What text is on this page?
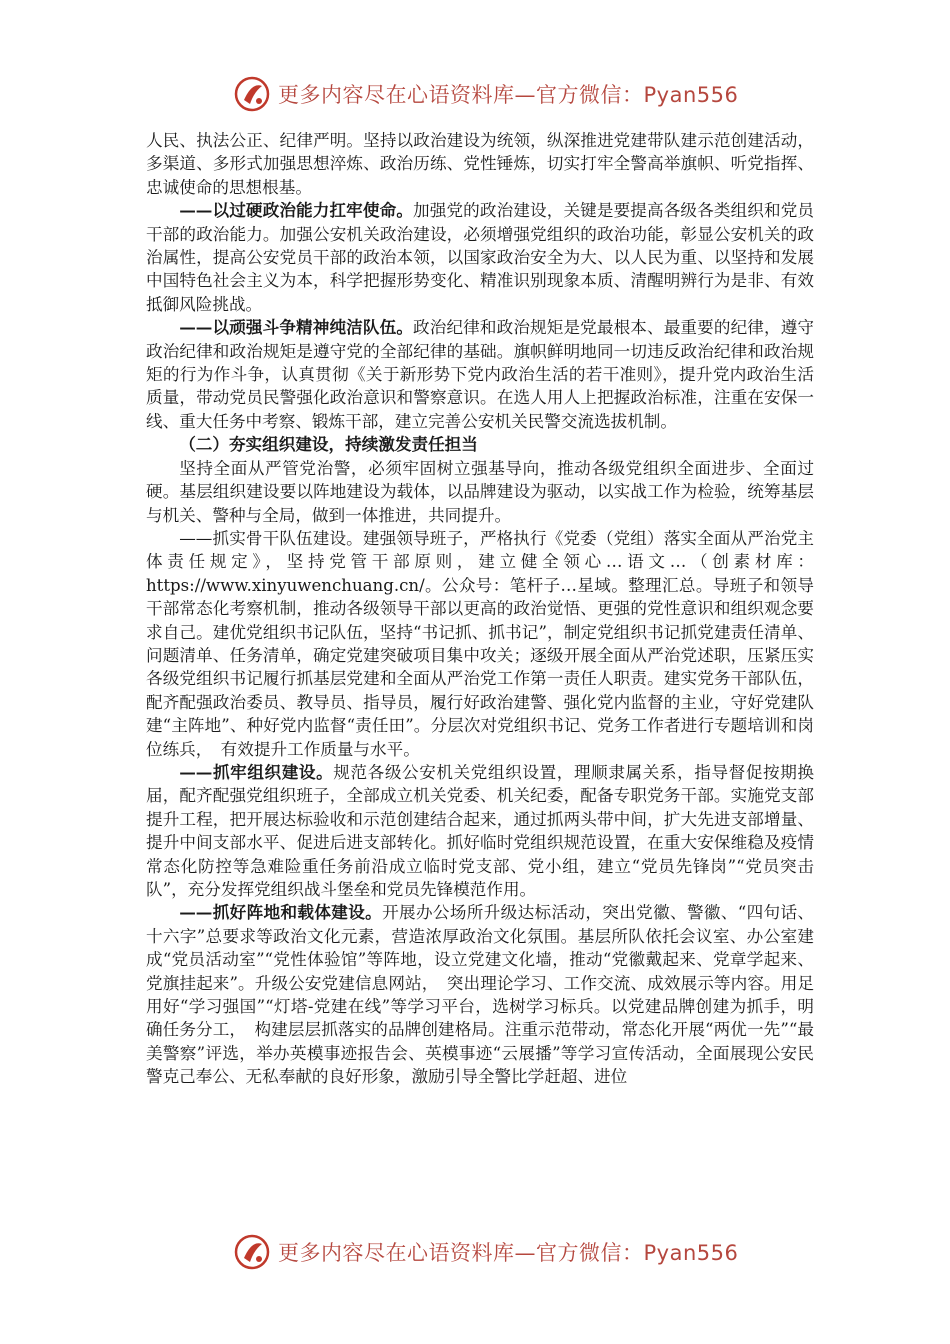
更多内容尽在心语资料库—官方微信：Pyan556

人民、执法公正、纪律严明。坚持以政治建设为统领，纵深推进党建带队建示范创建活动，多渠道、多形式加强思想淬炼、政治历练、党性锤炼，切实打牢全警高举旗帜、听党指挥、忠诚使命的思想根基。

——以过硬政治能力扛牢使命。加强党的政治建设，关键是要提高各级各类组织和党员干部的政治能力。加强公安机关政治建设，必须增强党组织的政治功能，彰显公安机关的政治属性，提高公安党员干部的政治本领，以国家政治安全为大、以人民为重、以坚持和发展中国特色社会主义为本，科学把握形势变化、精准识别现象本质、清醒明辨行为是非、有效抵御风险挑战。

——以顽强斗争精神纯洁队伍。政治纪律和政治规矩是党最根本、最重要的纪律，遵守政治纪律和政治规矩是遵守党的全部纪律的基础。旗帜鲜明地同一切违反政治纪律和政治规矩的行为作斗争，认真贯彻《关于新形势下党内政治生活的若干准则》，提升党内政治生活质量，带动党员民警强化政治意识和警察意识。在选人用人上把握政治标准，注重在安保一线、重大任务中考察、锻炼干部，建立完善公安机关民警交流选拔机制。

（二）夯实组织建设，持续激发责任担当

坚持全面从严管党治警，必须牢固树立强基导向，推动各级党组织全面进步、全面过硬。基层组织建设要以阵地建设为载体，以品牌建设为驱动，以实战工作为检验，统筹基层与机关、警种与全局，做到一体推进，共同提升。

——抓实骨干队伍建设。建强领导班子，严格执行《党委（党组）落实全面从严治党主体责任规定》，坚持党管干部原则，建立健全领心…语文…（创素材库：https://www.xinyuwenchuang.cn/。公众号：笔杆子…星域。整理汇总。导班子和领导干部常态化考察机制，推动各级领导干部以更高的政治觉悟、更强的党性意识和组织观念要求自己。建优党组织书记队伍，坚持“书记抓、抓书记”，制定党组织书记抓党建责任清单、问题清单、任务清单，确定党建突破项目集中攻关；逐级开展全面从严治党述职，压紧压实各级党组织书记履行抓基层党建和全面从严治党工作第一责任人职责。建实党务干部队伍，配齐配强政治委员、教导员、指导员，履行好政治建警、强化党内监督的主业，守好党建队建“主阵地”、种好党内监督“责任田”。分层次对党组织书记、党务工作者进行专题培训和岗位练兵，　有效提升工作质量与水平。

——抓牢组织建设。规范各级公安机关党组织设置，理顺隶属关系，指导督促按期换届，配齐配强党组织班子，全部成立机关党委、机关纪委，配备专职党务干部。实施党支部提升工程，把开展达标验收和示范创建结合起来，通过抓两头带中间，扩大先进支部增量、提升中间支部水平、促进后进支部转化。抓好临时党组织规范设置，在重大安保维稳及疫情常态化防控等急难险重任务前沿成立临时党支部、党小组，建立“党员先锋岗”“党员突击队”，充分发挥党组织战斗堡垒和党员先锋模范作用。

——抓好阵地和载体建设。开展办公场所升级达标活动，突出党徽、警徽、“四句话、十六字”总要求等政治文化元素，营造浓厚政治文化氛围。基层所队依托会议室、办公室建成“党员活动室”“党性体验馆”等阵地，设立党建文化墙，推动“党徽戴起来、党章学起来、党旗挂起来”。升级公安党建信息网站，　突出理论学习、工作交流、成效展示等内容。用足用好“学习强国”“灯塔-党建在线”等学习平台，选树学习标兵。以党建品牌创建为抓手，明确任务分工，　构建层层抓落实的品牌创建格局。注重示范带动，常态化开展“两优一先”“最美警察”评选，举办英模事迹报告会、英模事迹“云展播”等学习宣传活动，全面展现公安民警克己奉公、无私奉献的良好形象，激励引导全警比学赶超、进位

更多内容尽在心语资料库—官方微信：Pyan556
